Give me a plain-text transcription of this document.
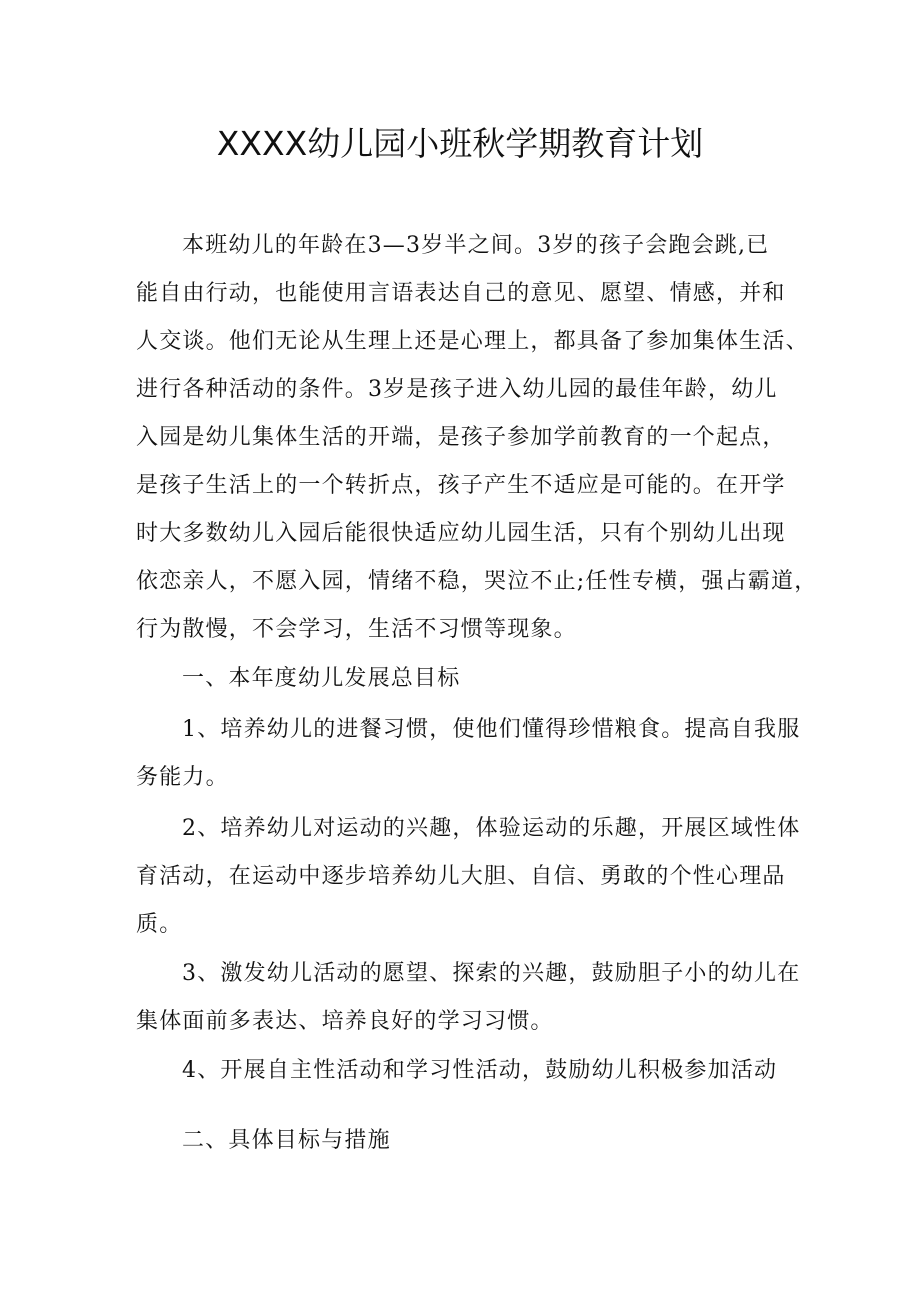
XXXX幼儿园小班秋学期教育计划
本班幼儿的年龄在3—3岁半之间。3岁的孩子会跑会跳,已
能自由行动，也能使用言语表达自己的意见、愿望、情感，并和
人交谈。他们无论从生理上还是心理上，都具备了参加集体生活、
进行各种活动的条件。3岁是孩子进入幼儿园的最佳年龄，幼儿
入园是幼儿集体生活的开端，是孩子参加学前教育的一个起点，
是孩子生活上的一个转折点，孩子产生不适应是可能的。在开学
时大多数幼儿入园后能很快适应幼儿园生活，只有个别幼儿出现
依恋亲人，不愿入园，情绪不稳，哭泣不止;任性专横，强占霸道，
行为散慢，不会学习，生活不习惯等现象。
一、本年度幼儿发展总目标
1、培养幼儿的进餐习惯，使他们懂得珍惜粮食。提高自我服
务能力。
2、培养幼儿对运动的兴趣，体验运动的乐趣，开展区域性体
育活动，在运动中逐步培养幼儿大胆、自信、勇敢的个性心理品
质。
3、激发幼儿活动的愿望、探索的兴趣，鼓励胆子小的幼儿在
集体面前多表达、培养良好的学习习惯。
4、开展自主性活动和学习性活动，鼓励幼儿积极参加活动
二、具体目标与措施
